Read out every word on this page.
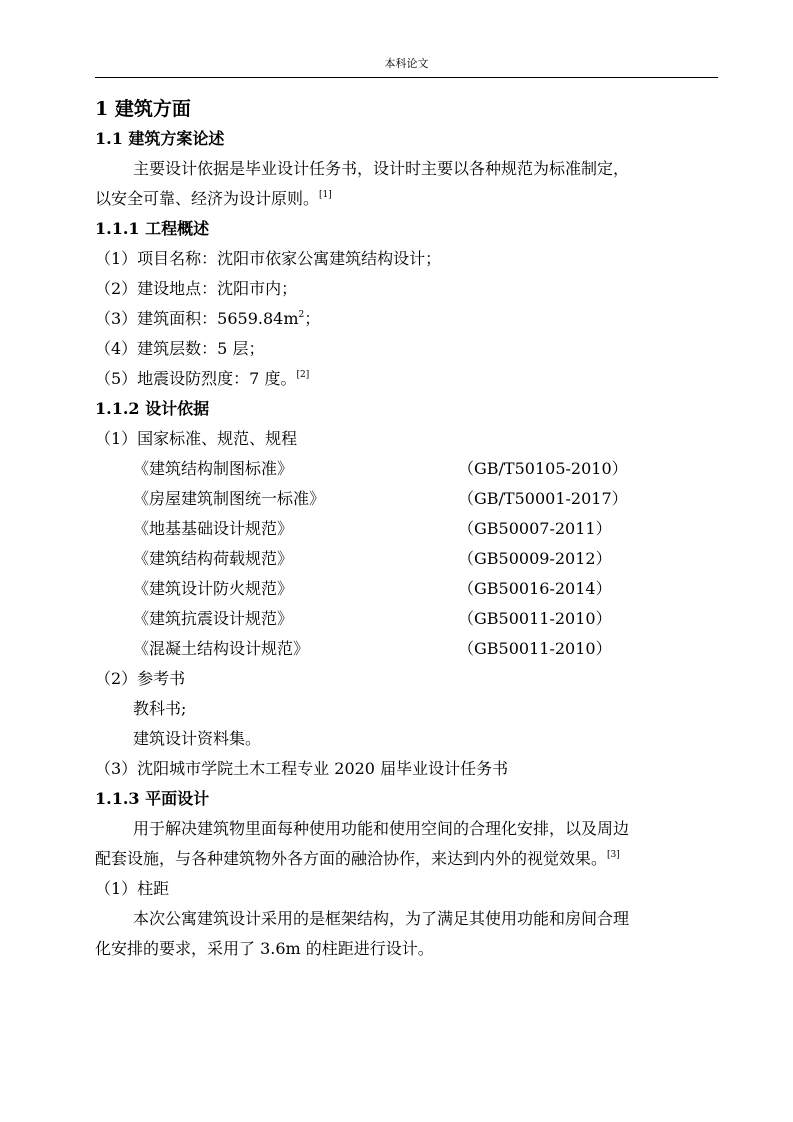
本科论文
1 建筑方面
1.1 建筑方案论述
主要设计依据是毕业设计任务书，设计时主要以各种规范为标准制定，
以安全可靠、经济为设计原则。[1]
1.1.1 工程概述
（1）项目名称：沈阳市依家公寓建筑结构设计；
（2）建设地点：沈阳市内；
（3）建筑面积：$5659.84m^2$；
（4）建筑层数：5 层；
（5）地震设防烈度：7 度。[2]
1.1.2 设计依据
（1）国家标准、规范、规程
《建筑结构制图标准》	（GB/T50105-2010）
《房屋建筑制图统一标准》	（GB/T50001-2017）
《地基基础设计规范》	（GB50007-2011）
《建筑结构荷载规范》	（GB50009-2012）
《建筑设计防火规范》	（GB50016-2014）
《建筑抗震设计规范》	（GB50011-2010）
《混凝土结构设计规范》	（GB50011-2010）
（2）参考书
教科书;
建筑设计资料集。
（3）沈阳城市学院土木工程专业 2020 届毕业设计任务书
1.1.3 平面设计
用于解决建筑物里面每种使用功能和使用空间的合理化安排，以及周边
配套设施，与各种建筑物外各方面的融洽协作，来达到内外的视觉效果。[3]
（1）柱距
本次公寓建筑设计采用的是框架结构，为了满足其使用功能和房间合理
化安排的要求，采用了 3.6m 的柱距进行设计。
